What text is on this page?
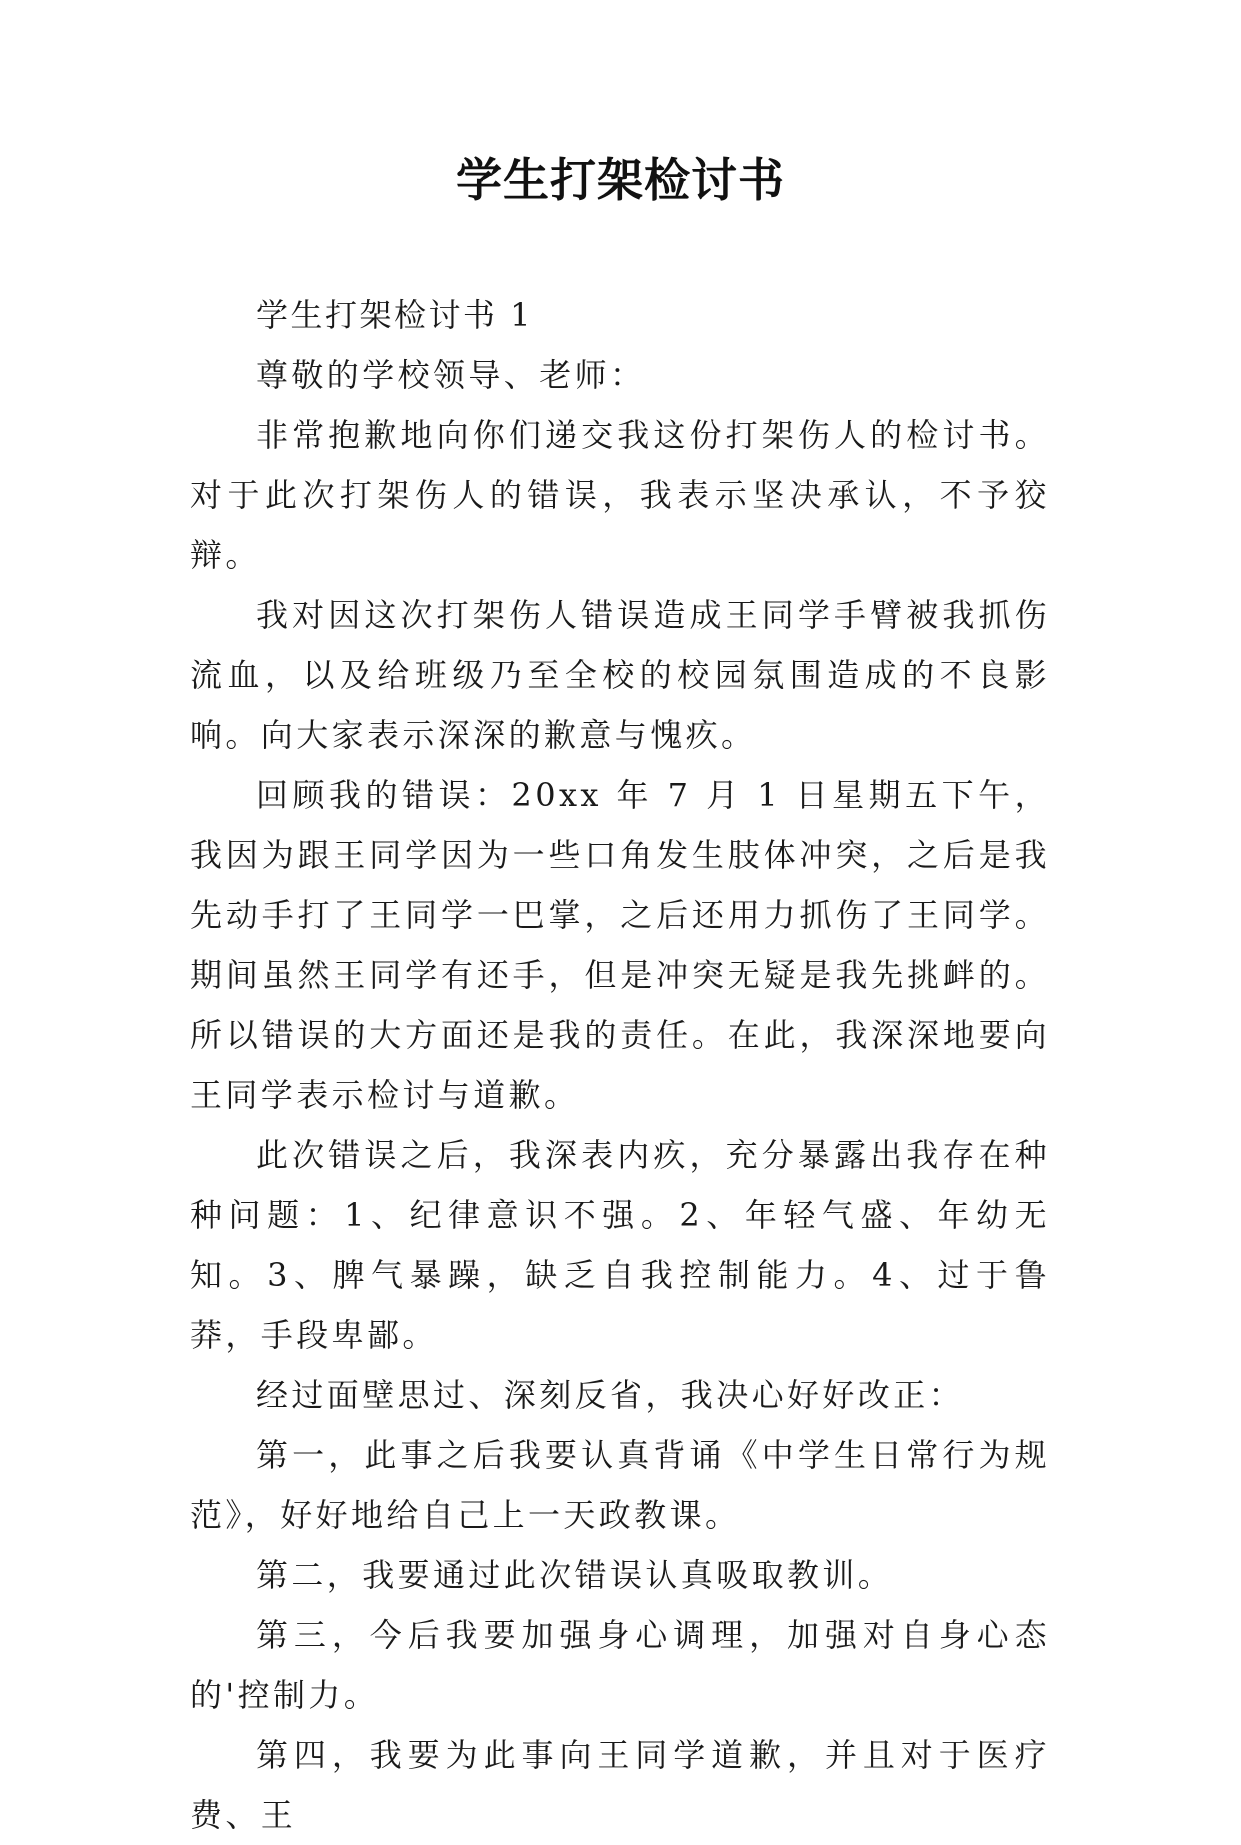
学生打架检讨书

学生打架检讨书 1

尊敬的学校领导、老师：

非常抱歉地向你们递交我这份打架伤人的检讨书。对于此次打架伤人的错误，我表示坚决承认，不予狡辩。

我对因这次打架伤人错误造成王同学手臂被我抓伤流血，以及给班级乃至全校的校园氛围造成的不良影响。向大家表示深深的歉意与愧疚。

回顾我的错误：20xx 年 7 月 1 日星期五下午，我因为跟王同学因为一些口角发生肢体冲突，之后是我先动手打了王同学一巴掌，之后还用力抓伤了王同学。期间虽然王同学有还手，但是冲突无疑是我先挑衅的。所以错误的大方面还是我的责任。在此，我深深地要向王同学表示检讨与道歉。

此次错误之后，我深表内疚，充分暴露出我存在种种问题：1、纪律意识不强。2、年轻气盛、年幼无知。3、脾气暴躁，缺乏自我控制能力。4、过于鲁莽，手段卑鄙。

经过面壁思过、深刻反省，我决心好好改正：

第一，此事之后我要认真背诵《中学生日常行为规范》，好好地给自己上一天政教课。

第二，我要通过此次错误认真吸取教训。

第三，今后我要加强身心调理，加强对自身心态的'控制力。

第四，我要为此事向王同学道歉，并且对于医疗费、王
